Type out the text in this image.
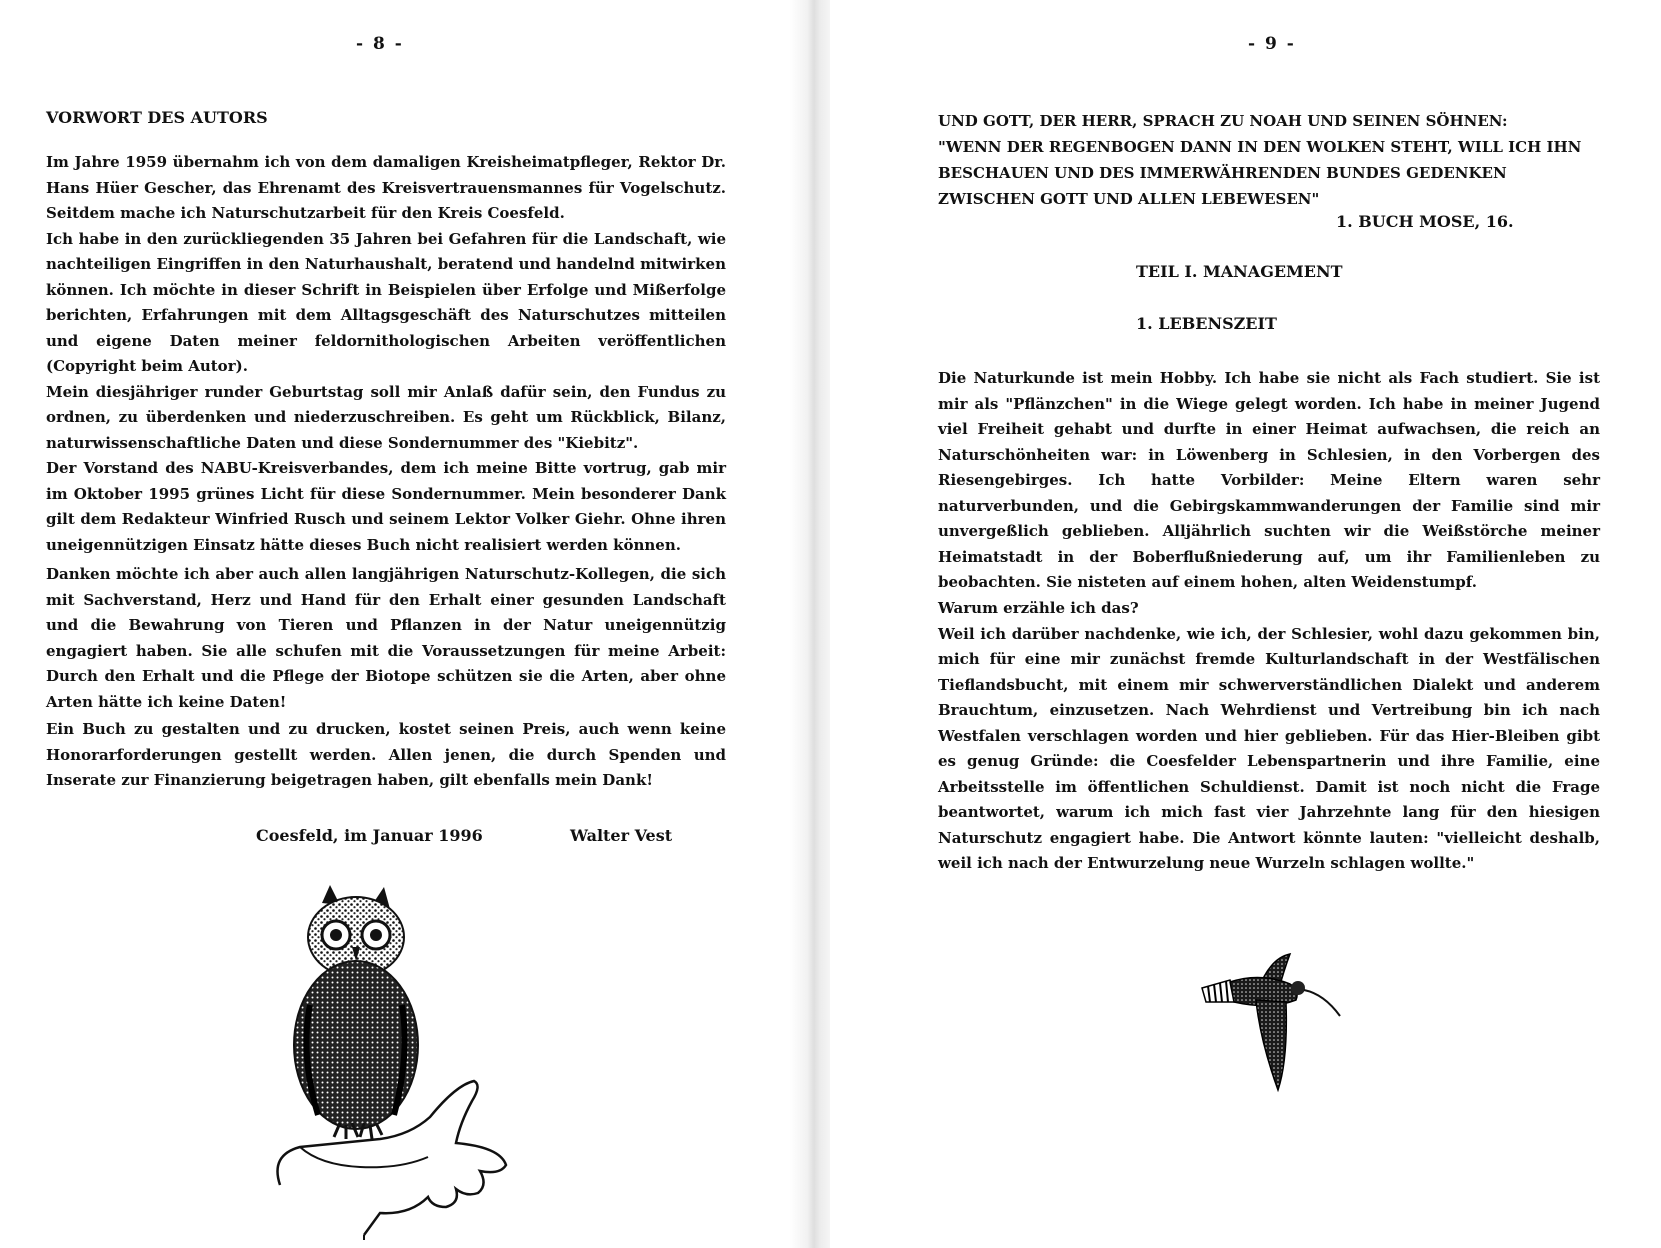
- 8 -
VORWORT DES AUTORS

Im Jahre 1959 übernahm ich von dem damaligen Kreisheimatpfleger, Rektor Dr. Hans Hüer Gescher, das Ehrenamt des Kreisvertrauensmannes für Vogelschutz. Seitdem mache ich Naturschutzarbeit für den Kreis Coesfeld.

Ich habe in den zurückliegenden 35 Jahren bei Gefahren für die Landschaft, wie nachteiligen Eingriffen in den Naturhaushalt, beratend und handelnd mitwirken können. Ich möchte in dieser Schrift in Beispielen über Erfolge und Mißerfolge berichten, Erfahrungen mit dem Alltagsgeschäft des Naturschutzes mitteilen und eigene Daten meiner feldornithologischen Arbeiten veröffentlichen (Copyright beim Autor).

Mein diesjähriger runder Geburtstag soll mir Anlaß dafür sein, den Fundus zu ordnen, zu überdenken und niederzuschreiben. Es geht um Rückblick, Bilanz, naturwissenschaftliche Daten und diese Sondernummer des "Kiebitz".

Der Vorstand des NABU-Kreisverbandes, dem ich meine Bitte vortrug, gab mir im Oktober 1995 grünes Licht für diese Sondernummer. Mein besonderer Dank gilt dem Redakteur Winfried Rusch und seinem Lektor Volker Giehr. Ohne ihren uneigennützigen Einsatz hätte dieses Buch nicht realisiert werden können.

Danken möchte ich aber auch allen langjährigen Naturschutz-Kollegen, die sich mit Sachverstand, Herz und Hand für den Erhalt einer gesunden Landschaft und die Bewahrung von Tieren und Pflanzen in der Natur uneigennützig engagiert haben. Sie alle schufen mit die Voraussetzungen für meine Arbeit: Durch den Erhalt und die Pflege der Biotope schützen sie die Arten, aber ohne Arten hätte ich keine Daten!
Ein Buch zu gestalten und zu drucken, kostet seinen Preis, auch wenn keine Honorarforderungen gestellt werden. Allen jenen, die durch Spenden und Inserate zur Finanzierung beigetragen haben, gilt ebenfalls mein Dank!
Coesfeld, im Januar 1996	Walter Vest
- 9 -

UND GOTT, DER HERR, SPRACH ZU NOAH UND SEINEN SÖHNEN:

"WENN DER REGENBOGEN DANN IN DEN WOLKEN STEHT, WILL ICH IHN BESCHAUEN UND DES IMMERWÄHRENDEN BUNDES GEDENKEN ZWISCHEN GOTT UND ALLEN LEBEWESEN"

1. BUCH MOSE, 16.
TEIL I. MANAGEMENT
1. LEBENSZEIT
Die Naturkunde ist mein Hobby. Ich habe sie nicht als Fach studiert. Sie ist mir als "Pflänzchen" in die Wiege gelegt worden. Ich habe in meiner Jugend viel Freiheit gehabt und durfte in einer Heimat aufwachsen, die reich an Naturschönheiten war: in Löwenberg in Schlesien, in den Vorbergen des Riesengebirges. Ich hatte Vorbilder: Meine Eltern waren sehr naturverbunden, und die Gebirgskammwanderungen der Familie sind mir unvergeßlich geblieben. Alljährlich suchten wir die Weißstörche meiner Heimatstadt in der Boberflußniederung auf, um ihr Familienleben zu beobachten. Sie nisteten auf einem hohen, alten Weidenstumpf.

Warum erzähle ich das?

Weil ich darüber nachdenke, wie ich, der Schlesier, wohl dazu gekommen bin, mich für eine mir zunächst fremde Kulturlandschaft in der Westfälischen Tieflandsbucht, mit einem mir schwerverständlichen Dialekt und anderem Brauchtum, einzusetzen. Nach Wehrdienst und Vertreibung bin ich nach Westfalen verschlagen worden und hier geblieben. Für das Hier-Bleiben gibt es genug Gründe: die Coesfelder Lebenspartnerin und ihre Familie, eine Arbeitsstelle im öffentlichen Schuldienst. Damit ist noch nicht die Frage beantwortet, warum ich mich fast vier Jahrzehnte lang für den hiesigen Naturschutz engagiert habe. Die Antwort könnte lauten: "vielleicht deshalb, weil ich nach der Entwurzelung neue Wurzeln schlagen wollte."
